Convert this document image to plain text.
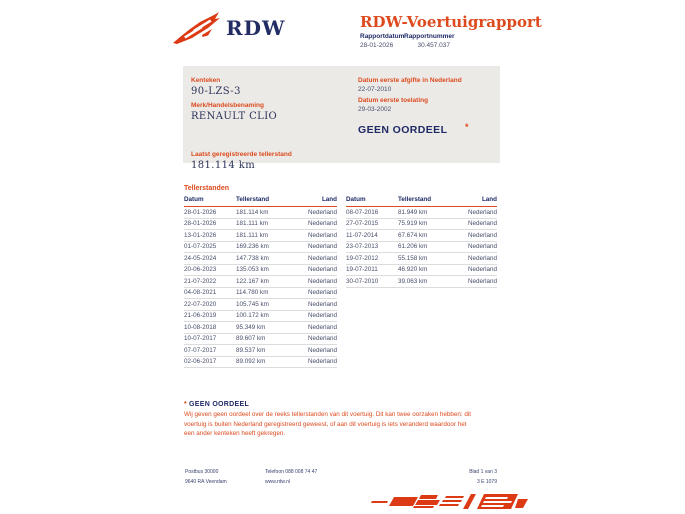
RDW	RDW-Voertuigrapport
Rapportdatum
28-01-2026
Rapportnummer
30.457.037
Kenteken
90-LZS-3
Merk/Handelsbenaming
RENAULT CLIO
Laatst geregistreerde tellerstand
181.114 km
Datum eerste afgifte in Nederland
22-07-2010
Datum eerste toelating
29-03-2002
GEEN OORDEEL	*
Tellerstanden
Datum	Tellerstand	Land
28-01-2026	181.114 km	Nederland
28-01-2026	181.111 km	Nederland
13-01-2026	181.111 km	Nederland
01-07-2025	169.236 km	Nederland
24-05-2024	147.738 km	Nederland
20-06-2023	135.053 km	Nederland
21-07-2022	122.167 km	Nederland
04-08-2021	114.780 km	Nederland
22-07-2020	105.745 km	Nederland
21-06-2019	100.172 km	Nederland
10-08-2018	95.349 km	Nederland
10-07-2017	89.607 km	Nederland
07-07-2017	89.537 km	Nederland
02-06-2017	89.092 km	Nederland
Datum	Tellerstand	Land
08-07-2016	81.949 km	Nederland
27-07-2015	75.919 km	Nederland
11-07-2014	67.674 km	Nederland
23-07-2013	61.206 km	Nederland
19-07-2012	55.158 km	Nederland
19-07-2011	46.920 km	Nederland
30-07-2010	39.063 km	Nederland
* GEEN OORDEEL
Wij geven geen oordeel over de reeks tellerstanden van dit voertuig. Dit kan twee oorzaken hebben: dit voertuig is buiten Nederland geregistreerd geweest, of aan dit voertuig is iets veranderd waardoor het een ander kenteken heeft gekregen.
Postbus 30000
9640 RA Veendam
Telefoon 088 008 74 47
www.rdw.nl
Blad 1 van 3
3 E 1079
